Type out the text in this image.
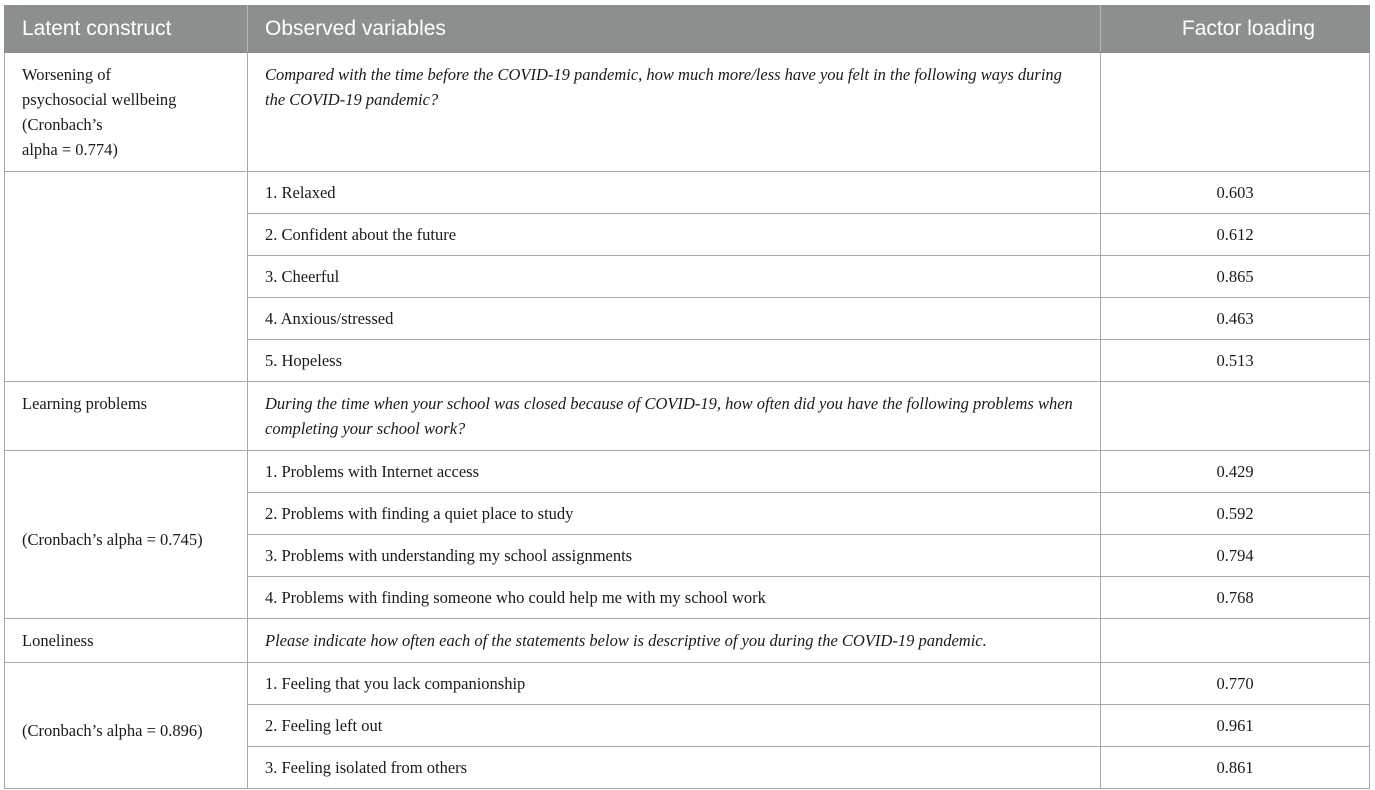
Latent construct	Observed variables	Factor loading
Worsening of
psychosocial wellbeing
(Cronbach’s
alpha = 0.774)	Compared with the time before the COVID-19 pandemic, how much more/less have you felt in the following ways during the COVID-19 pandemic?	
	1. Relaxed	0.603
	2. Confident about the future	0.612
	3. Cheerful	0.865
	4. Anxious/stressed	0.463
	5. Hopeless	0.513
Learning problems	During the time when your school was closed because of COVID-19, how often did you have the following problems when completing your school work?	
(Cronbach’s alpha = 0.745)	1. Problems with Internet access	0.429
	2. Problems with finding a quiet place to study	0.592
	3. Problems with understanding my school assignments	0.794
	4. Problems with finding someone who could help me with my school work	0.768
Loneliness	Please indicate how often each of the statements below is descriptive of you during the COVID-19 pandemic.	
(Cronbach’s alpha = 0.896)	1. Feeling that you lack companionship	0.770
	2. Feeling left out	0.961
	3. Feeling isolated from others	0.861
